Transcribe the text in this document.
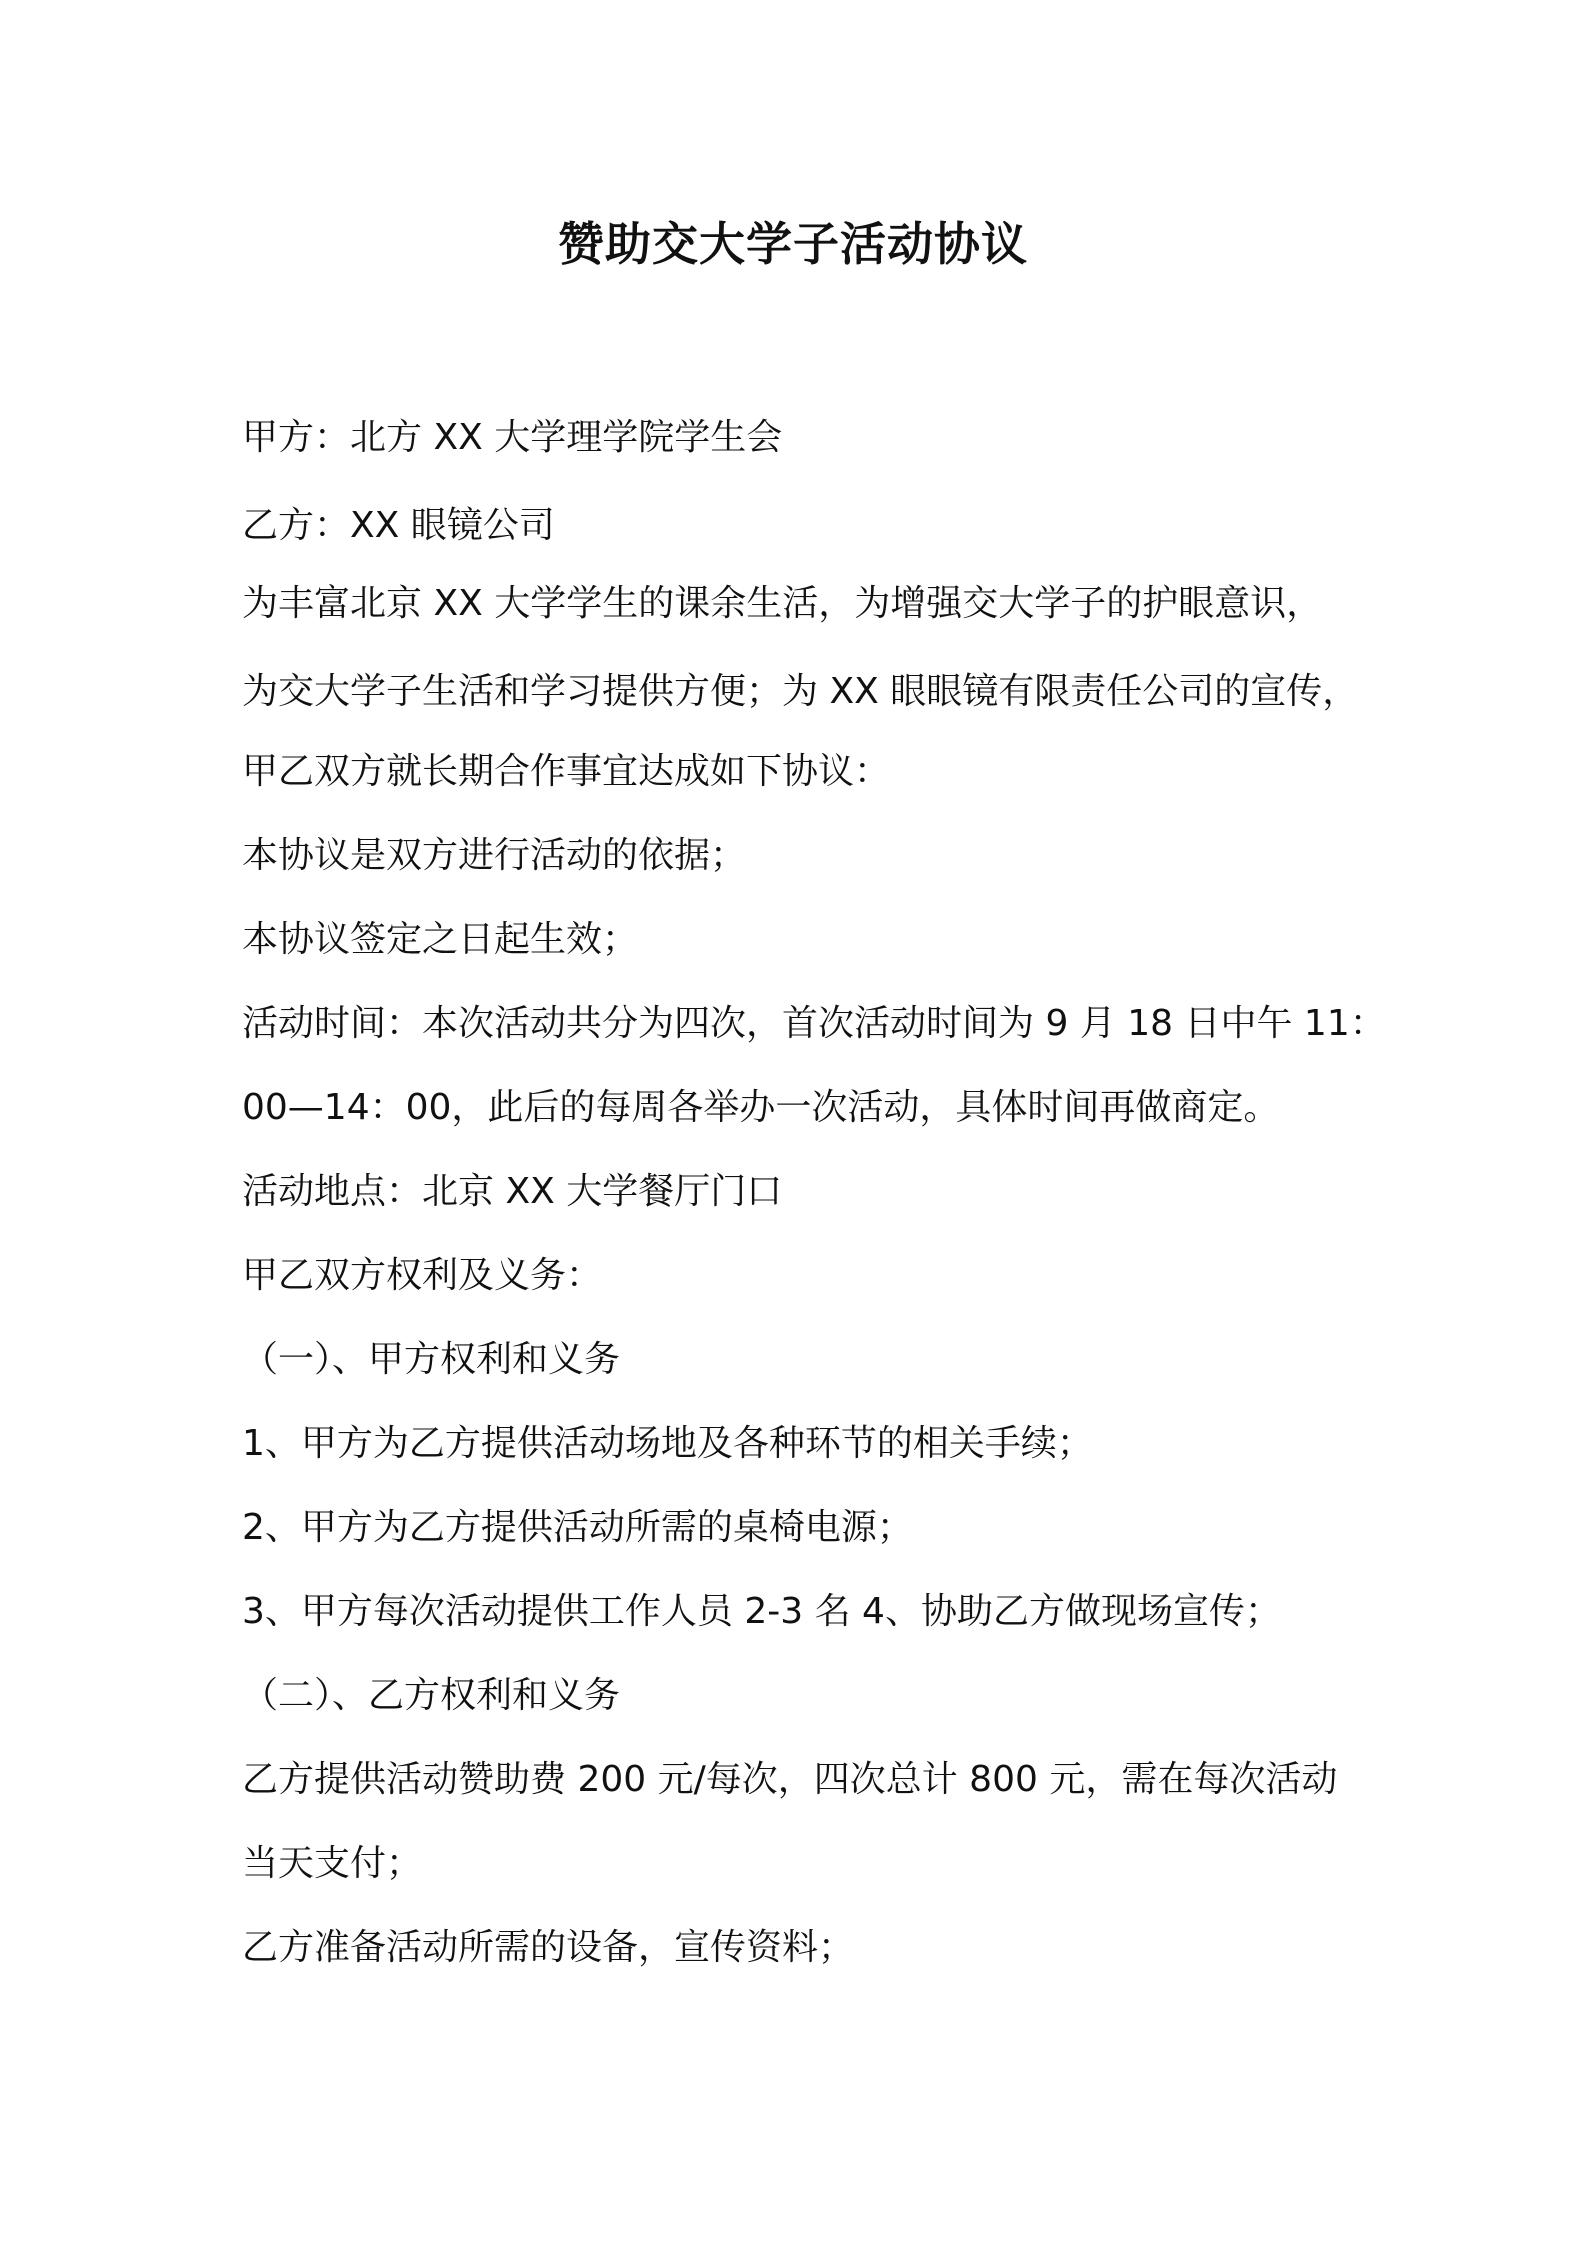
赞助交大学子活动协议

甲方：北方 XX 大学理学院学生会

乙方：XX 眼镜公司

为丰富北京 XX 大学学生的课余生活，为增强交大学子的护眼意识，

为交大学子生活和学习提供方便；为 XX 眼眼镜有限责任公司的宣传，

甲乙双方就长期合作事宜达成如下协议：

本协议是双方进行活动的依据；

本协议签定之日起生效；

活动时间：本次活动共分为四次，首次活动时间为 9 月 18 日中午 11：

00—14：00，此后的每周各举办一次活动，具体时间再做商定。

活动地点：北京 XX 大学餐厅门口

甲乙双方权利及义务：

（一）、甲方权利和义务

1、甲方为乙方提供活动场地及各种环节的相关手续；

2、甲方为乙方提供活动所需的桌椅电源；

3、甲方每次活动提供工作人员 2-3 名 4、协助乙方做现场宣传；

（二）、乙方权利和义务

乙方提供活动赞助费 200 元/每次，四次总计 800 元，需在每次活动

当天支付；

乙方准备活动所需的设备，宣传资料；
